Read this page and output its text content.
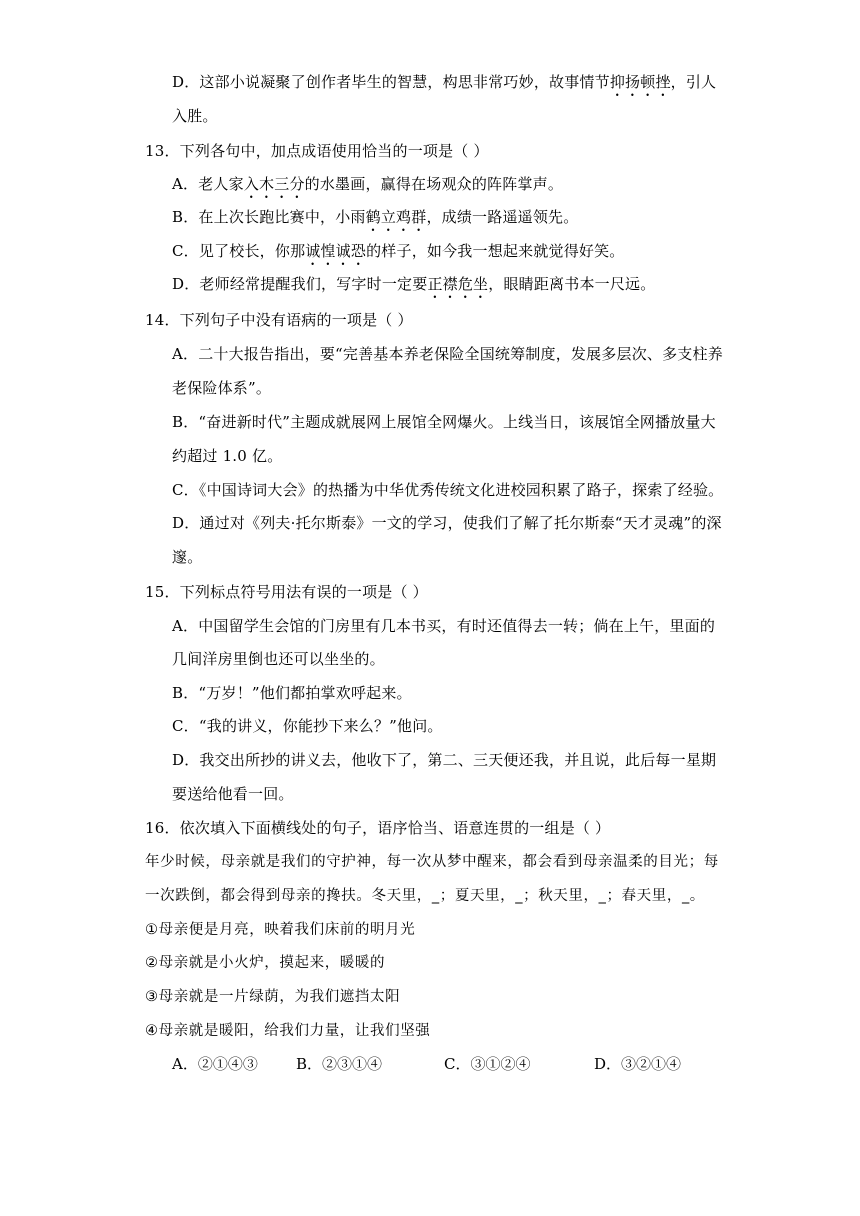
D．这部小说凝聚了创作者毕生的智慧，构思非常巧妙，故事情节抑扬顿挫，引人
入胜。
13．下列各句中，加点成语使用恰当的一项是（ ）
A．老人家入木三分的水墨画，赢得在场观众的阵阵掌声。
B．在上次长跑比赛中，小雨鹤立鸡群，成绩一路遥遥领先。
C．见了校长，你那诚惶诚恐的样子，如今我一想起来就觉得好笑。
D．老师经常提醒我们，写字时一定要正襟危坐，眼睛距离书本一尺远。
14．下列句子中没有语病的一项是（ ）
A．二十大报告指出，要“完善基本养老保险全国统筹制度，发展多层次、多支柱养
老保险体系”。
B．“奋进新时代”主题成就展网上展馆全网爆火。上线当日，该展馆全网播放量大
约超过 1.0 亿。
C．《中国诗词大会》的热播为中华优秀传统文化进校园积累了路子，探索了经验。
D．通过对《列夫·托尔斯泰》一文的学习，使我们了解了托尔斯泰“天才灵魂”的深
邃。
15．下列标点符号用法有误的一项是（ ）
A．中国留学生会馆的门房里有几本书买，有时还值得去一转；倘在上午，里面的
几间洋房里倒也还可以坐坐的。
B．“万岁！”他们都拍掌欢呼起来。
C．“我的讲义，你能抄下来么？”他问。
D．我交出所抄的讲义去，他收下了，第二、三天便还我，并且说，此后每一星期
要送给他看一回。
16．依次填入下面横线处的句子，语序恰当、语意连贯的一组是（ ）
年少时候，母亲就是我们的守护神，每一次从梦中醒来，都会看到母亲温柔的目光；每
一次跌倒，都会得到母亲的搀扶。冬天里，_；夏天里，_；秋天里，_；春天里，_。
①母亲便是月亮，映着我们床前的明月光
②母亲就是小火炉，摸起来，暖暖的
③母亲就是一片绿荫，为我们遮挡太阳
④母亲就是暖阳，给我们力量，让我们坚强
A．②①④③	B．②③①④	C．③①②④	D．③②①④
